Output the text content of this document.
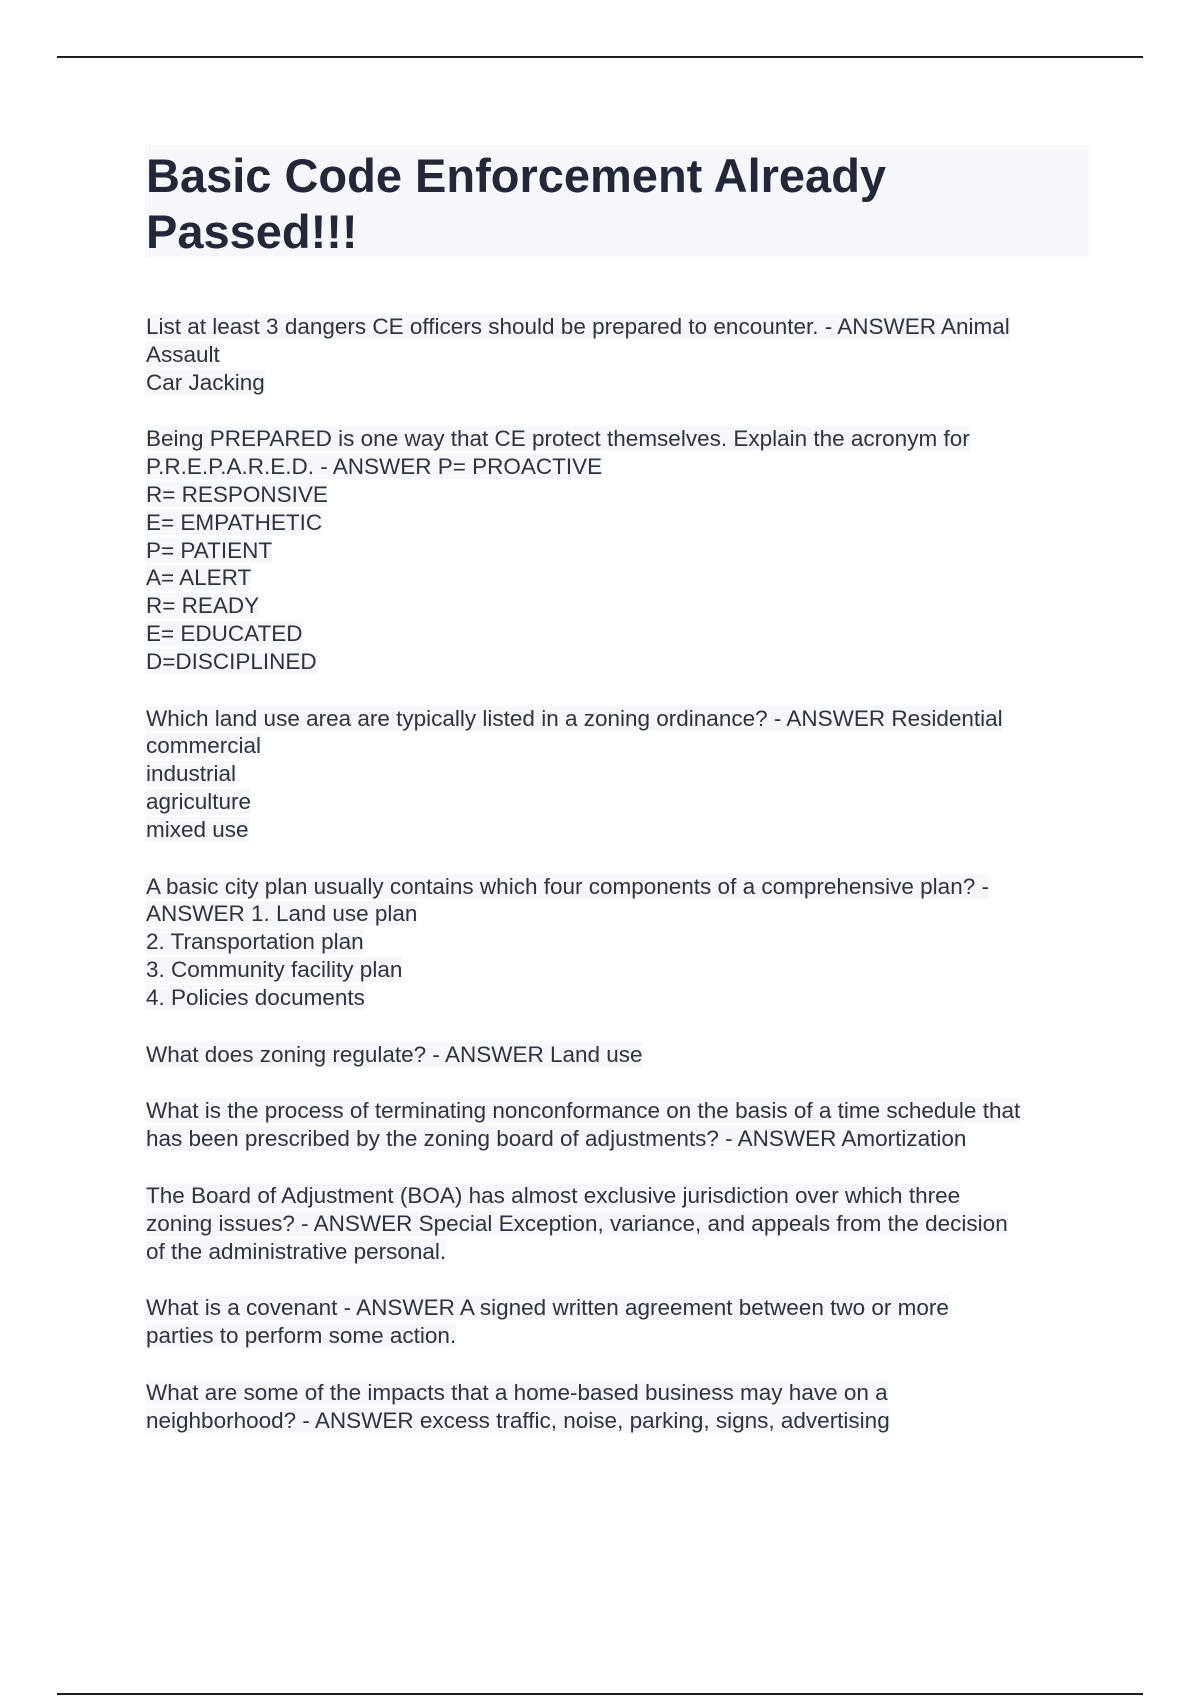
Basic Code Enforcement Already
Passed!!!
List at least 3 dangers CE officers should be prepared to encounter. - ANSWER Animal
Assault
Car Jacking
Being PREPARED is one way that CE protect themselves. Explain the acronym for
P.R.E.P.A.R.E.D. - ANSWER P= PROACTIVE
R= RESPONSIVE
E= EMPATHETIC
P= PATIENT
A= ALERT
R= READY
E= EDUCATED
D=DISCIPLINED
Which land use area are typically listed in a zoning ordinance? - ANSWER Residential
commercial
industrial
agriculture
mixed use
A basic city plan usually contains which four components of a comprehensive plan? -
ANSWER 1. Land use plan
2. Transportation plan
3. Community facility plan
4. Policies documents
What does zoning regulate? - ANSWER Land use
What is the process of terminating nonconformance on the basis of a time schedule that
has been prescribed by the zoning board of adjustments? - ANSWER Amortization
The Board of Adjustment (BOA) has almost exclusive jurisdiction over which three
zoning issues? - ANSWER Special Exception, variance, and appeals from the decision
of the administrative personal.
What is a covenant - ANSWER A signed written agreement between two or more
parties to perform some action.
What are some of the impacts that a home-based business may have on a
neighborhood? - ANSWER excess traffic, noise, parking, signs, advertising
